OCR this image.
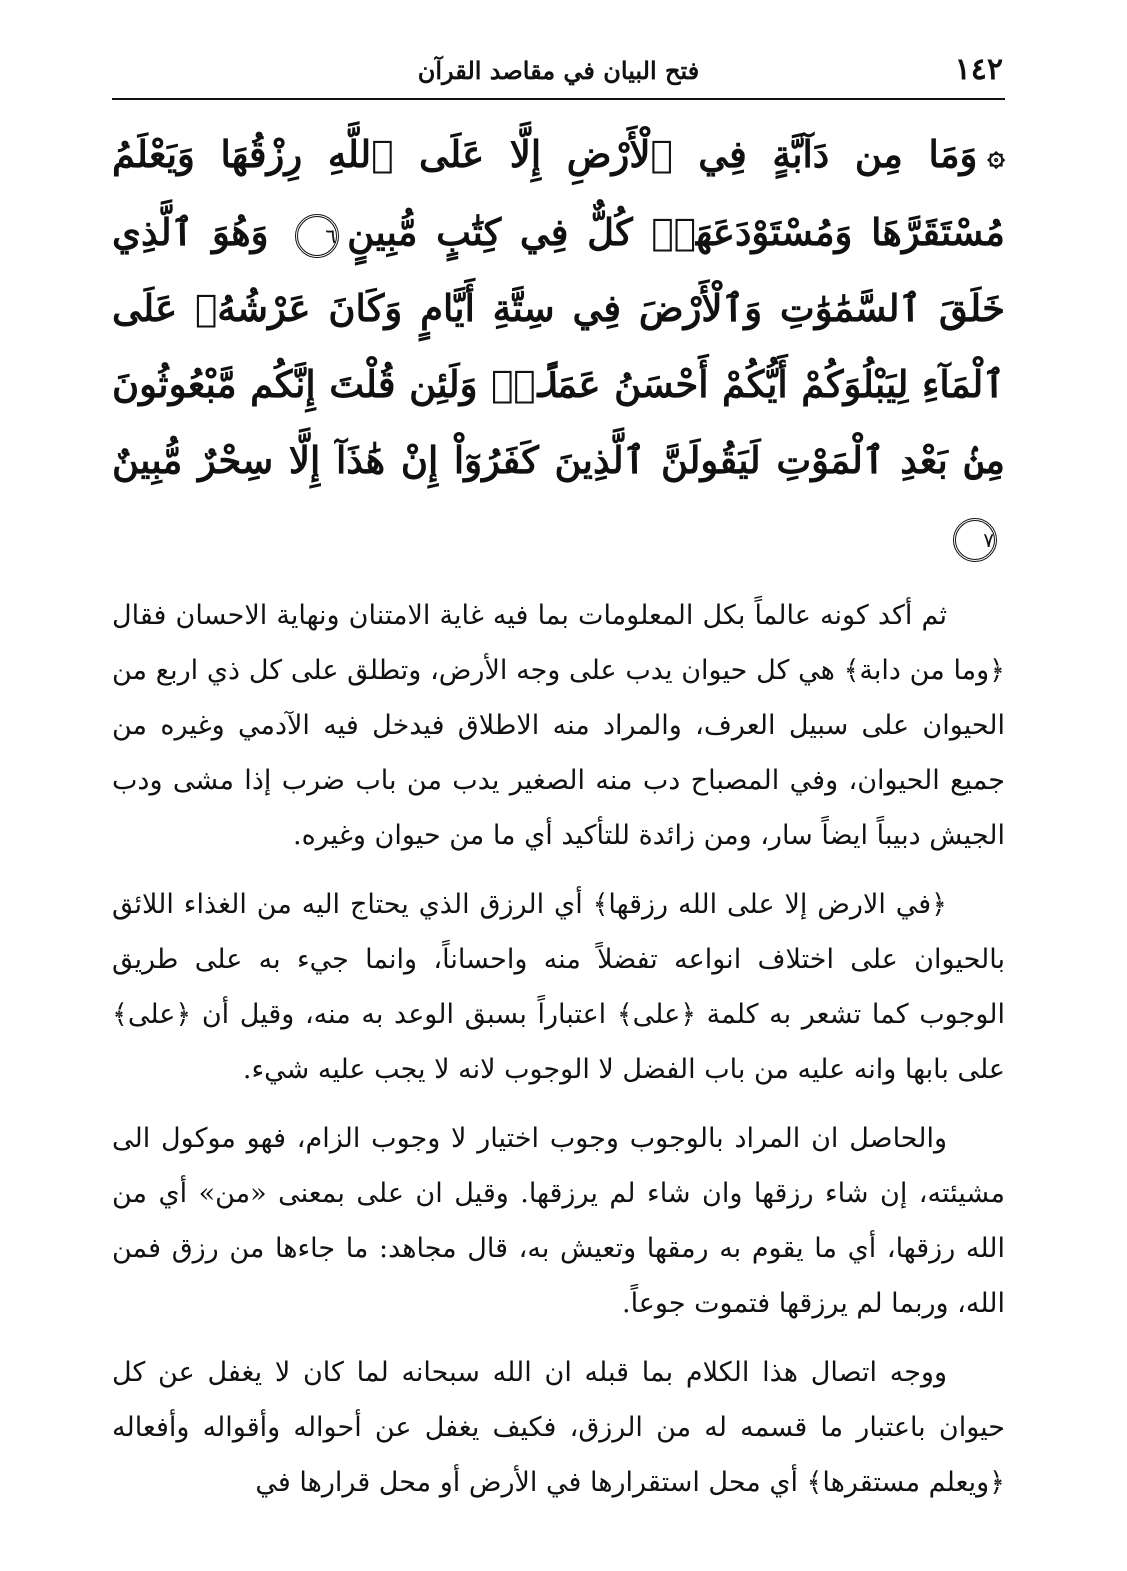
١٤٢
فتح البيان في مقاصد القرآن
۞وَمَا مِن دَآبَّةٍ فِي ٱلْأَرْضِ إِلَّا عَلَى ٱللَّهِ رِزْقُهَا وَيَعْلَمُ مُسْتَقَرَّهَا وَمُسْتَوْدَعَهَاۚ كُلٌّ فِي كِتَٰبٍ مُّبِينٍ٦ وَهُوَ ٱلَّذِي خَلَقَ ٱلسَّمَٰوَٰتِ وَٱلْأَرْضَ فِي سِتَّةِ أَيَّامٍ وَكَانَ عَرْشُهُۥ عَلَى ٱلْمَآءِ لِيَبْلُوَكُمْ أَيُّكُمْ أَحْسَنُ عَمَلًاۗ وَلَئِن قُلْتَ إِنَّكُم مَّبْعُوثُونَ مِنۢ بَعْدِ ٱلْمَوْتِ لَيَقُولَنَّ ٱلَّذِينَ كَفَرُوٓاْ إِنْ هَٰذَآ إِلَّا سِحْرٌ مُّبِينٌ٧

ثم أكد كونه عالماً بكل المعلومات بما فيه غاية الامتنان ونهاية الاحسان فقال ﴿وما من دابة﴾ هي كل حيوان يدب على وجه الأرض، وتطلق على كل ذي اربع من الحيوان على سبيل العرف، والمراد منه الاطلاق فيدخل فيه الآدمي وغيره من جميع الحيوان، وفي المصباح دب منه الصغير يدب من باب ضرب إذا مشى ودب الجيش دبيباً ايضاً سار، ومن زائدة للتأكيد أي ما من حيوان وغيره.

﴿في الارض إلا على الله رزقها﴾ أي الرزق الذي يحتاج اليه من الغذاء اللائق بالحيوان على اختلاف انواعه تفضلاً منه واحساناً، وانما جيء به على طريق الوجوب كما تشعر به كلمة ﴿على﴾ اعتباراً بسبق الوعد به منه، وقيل أن ﴿على﴾ على بابها وانه عليه من باب الفضل لا الوجوب لانه لا يجب عليه شيء.

والحاصل ان المراد بالوجوب وجوب اختيار لا وجوب الزام، فهو موكول الى مشيئته، إن شاء رزقها وان شاء لم يرزقها. وقيل ان على بمعنى «من» أي من الله رزقها، أي ما يقوم به رمقها وتعيش به، قال مجاهد: ما جاءها من رزق فمن الله، وربما لم يرزقها فتموت جوعاً.

ووجه اتصال هذا الكلام بما قبله ان الله سبحانه لما كان لا يغفل عن كل حيوان باعتبار ما قسمه له من الرزق، فكيف يغفل عن أحواله وأقواله وأفعاله ﴿ويعلم مستقرها﴾ أي محل استقرارها في الأرض أو محل قرارها في
